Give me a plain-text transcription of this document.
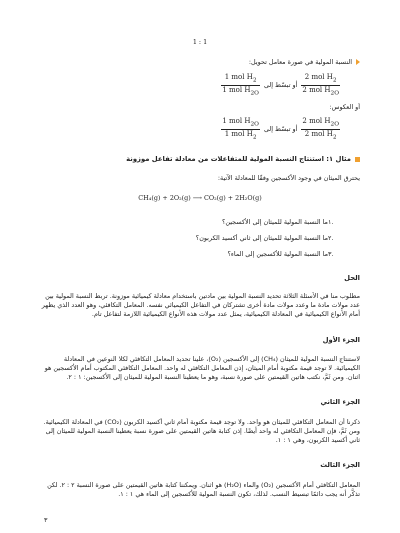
1 : 1
النسبة المولية في صورة معامل تحويل:
$\frac{2 mol H_2}{2 mol H_{2O}}$
أو تبسّط إلى
$\frac{1 mol H_2}{1 mol H_{2O}}$
أو العكوس:
$\frac{2 mol H_{2O}}{2 mol H_2}$
أو تبسّط إلى
$\frac{1 mol H_{2O}}{1 mol H_2}$
مثال ١: استنتاج النسبة المولية للمتفاعلات من معادلة تفاعل موزونة
يحترق الميثان في وجود الأكسجين وفقًا للمعادلة الآتية:
CH₄(g) + 2O₂(g) ⟶ CO₂(g) + 2H₂O(g)
.١ما النسبة المولية للميثان إلى الأكسجين؟
.٢ما النسبة المولية للميثان إلى ثاني أكسيد الكربون؟
.٣ما النسبة المولية للأكسجين إلى الماء؟
الحل
مطلوب منا في الأسئلة الثلاثة تحديد النسبة المولية بين مادتين باستخدام معادلة كيميائية موزونة. تربط النسبة المولية بين عدد مولات مادة ما وعدد مولات مادة أخرى تشتركان في التفاعل الكيميائي نفسه. المعامل التكافئي، وهو العدد الذي يظهر أمام الأنواع الكيميائية في المعادلة الكيميائية، يمثل عدد مولات هذه الأنواع الكيميائية اللازمة لتفاعل تام.
الجزء الأول
لاستنتاج النسبة المولية للميثان (CH₄) إلى الأكسجين (O₂)، علينا تحديد المعامل التكافئي لكلا النوعين في المعادلة الكيميائية. لا توجد قيمة مكتوبة أمام الميثان، إذن المعامل التكافئي له واحد. المعامل التكافئي المكتوب أمام الأكسجين هو اثنان. ومن ثَمَّ، نكتب هاتين القيمتين على صورة نسبة، وهو ما يعطينا النسبة المولية للميثان إلى الأكسجين: ١ : ٢.
الجزء الثاني
ذكرنا أن المعامل التكافئي للميثان هو واحد. ولا توجد قيمة مكتوبة أمام ثاني أكسيد الكربون (CO₂) في المعادلة الكيميائية. ومن ثَمَّ، فإن المعامل التكافئي له واحد أيضًا. إذن كتابة هاتين القيمتين على صورة نسبة يعطينا النسبة المولية للميثان إلى ثاني أكسيد الكربون، وهي ١ : ١.
الجزء الثالث
المعامل التكافئي أمام الأكسجين (O₂) والماء (H₂O) هو اثنان. ويمكننا كتابة هاتين القيمتين على صورة النسبة ٢ : ٢. لكن تذكَّر أنه يجب دائمًا تبسيط النسب. لذلك، تكون النسبة المولية للأكسجين إلى الماء هي ١ : ١.
٣
